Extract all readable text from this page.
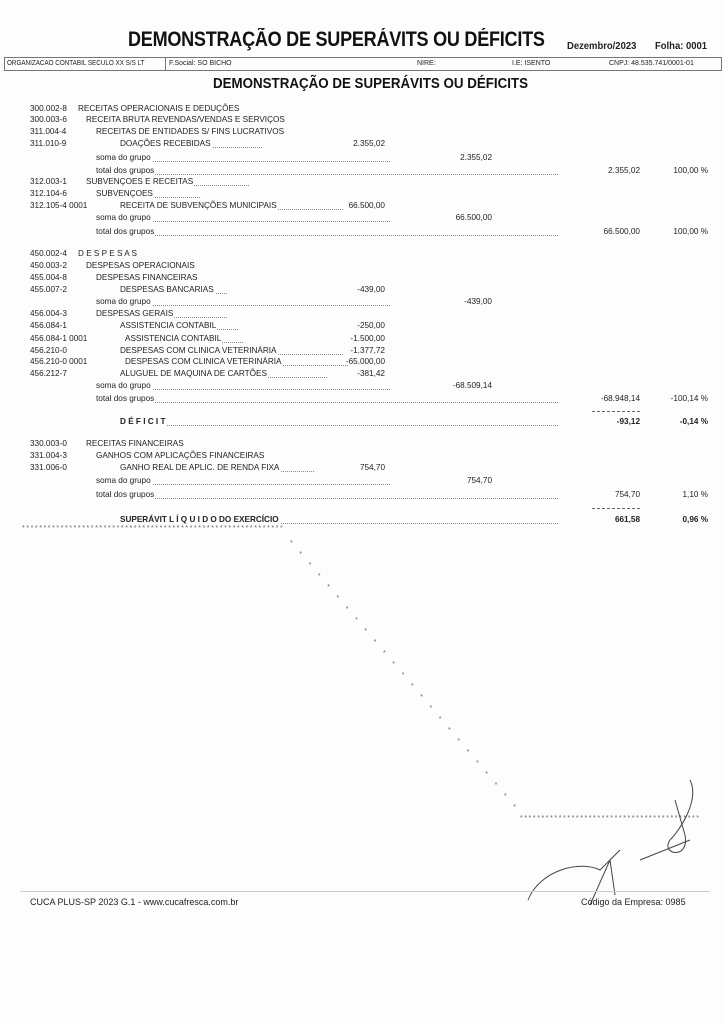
DEMONSTRAÇÃO DE SUPERÁVITS OU DÉFICITS Dezembro/2023 Folha: 0001
ORGANIZACAO CONTABIL SECULO XX S/S LT	F.Social: SO BICHO	NIRE:	I.E: ISENTO	CNPJ: 48.535.741/0001-01
DEMONSTRAÇÃO DE SUPERÁVITS OU DÉFICITS
300.002-8 RECEITAS OPERACIONAIS E DEDUÇÕES
300.003-6 RECEITA BRUTA REVENDAS/VENDAS E SERVIÇOS
311.004-4	RECEITAS DE ENTIDADES S/ FINS LUCRATIVOS
311.010-9	DOAÇÕES RECEBIDAS	2.355,02
soma do grupo	2.355,02
total dos grupos	2.355,02	100,00 %
312.003-1 SUBVENÇOES E RECEITAS
312.104-6	SUBVENÇOES
312.105-4 0001	RECEITA DE SUBVENÇÕES MUNICIPAIS	66.500,00
soma do grupo	66.500,00
total dos grupos	66.500,00	100,00 %
450.002-4 D E S P E S A S
450.003-2 DESPESAS OPERACIONAIS
455.004-8	DESPESAS FINANCEIRAS
455.007-2	DESPESAS BANCARIAS	-439,00
soma do grupo	-439,00
456.004-3	DESPESAS GERAIS
456.084-1	ASSISTENCIA CONTABIL	-250,00
456.084-1 0001	ASSISTENCIA CONTABIL	-1.500,00
456.210-0	DESPESAS COM CLINICA VETERINÁRIA	-1.377,72
456.210-0 0001	DESPESAS COM CLINICA VETERINÁRIA	-65.000,00
456.212-7	ALUGUEL DE MAQUINA DE CARTÕES	-381,42
soma do grupo	-68.509,14
total dos grupos	-68.948,14	-100,14 %
D É F I C I T	-93,12	-0,14 %
330.003-0 RECEITAS FINANCEIRAS
331.004-3	GANHOS COM APLICAÇÕES FINANCEIRAS
331.006-0	GANHO REAL DE APLIC. DE RENDA FIXA	754,70
soma do grupo	754,70
total dos grupos	754,70	1,10 %
SUPERÁVIT L Í Q U I D O DO EXERCÍCIO	661,58	0,96 %
* * * * * * * * * * * * * * * * * * * * * * * * * * * * * * * * * * * * * * * * * * * * * * * * * * * * * * * * * * * * *
*
*
*
*
*
*
*
*
*
*
*
*
*
*
*
*
*
*
*
*
*
*
*
*
*
* * * * * * * * * * * * * * * * * * * * * * * * * * * * * * * * * * * * * * * * * *
CUCA PLUS-SP 2023 G.1 - www.cucafresca.com.br	Código da Empresa: 0985
